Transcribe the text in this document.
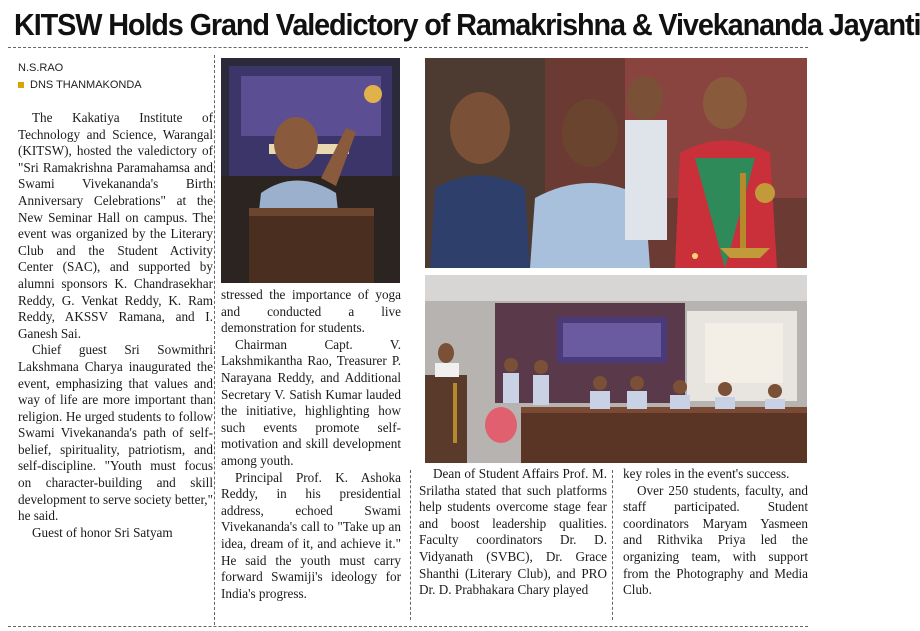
KITSW Holds Grand Valedictory of Ramakrishna & Vivekananda Jayanti
N.S.RAO
DNS THANMAKONDA

The Kakatiya Institute of Technology and Science, Warangal (KITSW), hosted the valedictory of "Sri Ramakrishna Paramahamsa and Swami Vivekananda's Birth Anniversary Celebrations" at the New Seminar Hall on campus. The event was organized by the Literary Club and the Student Activity Center (SAC), and supported by alumni sponsors K. Chandrasekhar Reddy, G. Venkat Reddy, K. Ram Reddy, AKSSV Ramana, and I. Ganesh Sai.

Chief guest Sri Sowmithri Lakshmana Charya inaugurated the event, emphasizing that values and way of life are more important than religion. He urged students to follow Swami Vivekananda's path of self-belief, spirituality, patriotism, and self-discipline. "Youth must focus on character-building and skill development to serve society better," he said.

Guest of honor Sri Satyam

stressed the importance of yoga and conducted a live demonstration for students.

Chairman Capt. V. Lakshmikantha Rao, Treasurer P. Narayana Reddy, and Additional Secretary V. Satish Kumar lauded the initiative, highlighting how such events promote self-motivation and skill development among youth.

Principal Prof. K. Ashoka Reddy, in his presidential address, echoed Swami Vivekananda's call to "Take up an idea, dream of it, and achieve it." He said the youth must carry forward Swamiji's ideology for India's progress.

Dean of Student Affairs Prof. M. Srilatha stated that such platforms help students overcome stage fear and boost leadership qualities. Faculty coordinators Dr. D. Vidyanath (SVBC), Dr. Grace Shanthi (Literary Club), and PRO Dr. D. Prabhakara Chary played

key roles in the event's success.

Over 250 students, faculty, and staff participated. Student coordinators Maryam Yasmeen and Rithvika Priya led the organizing team, with support from the Photography and Media Club.
